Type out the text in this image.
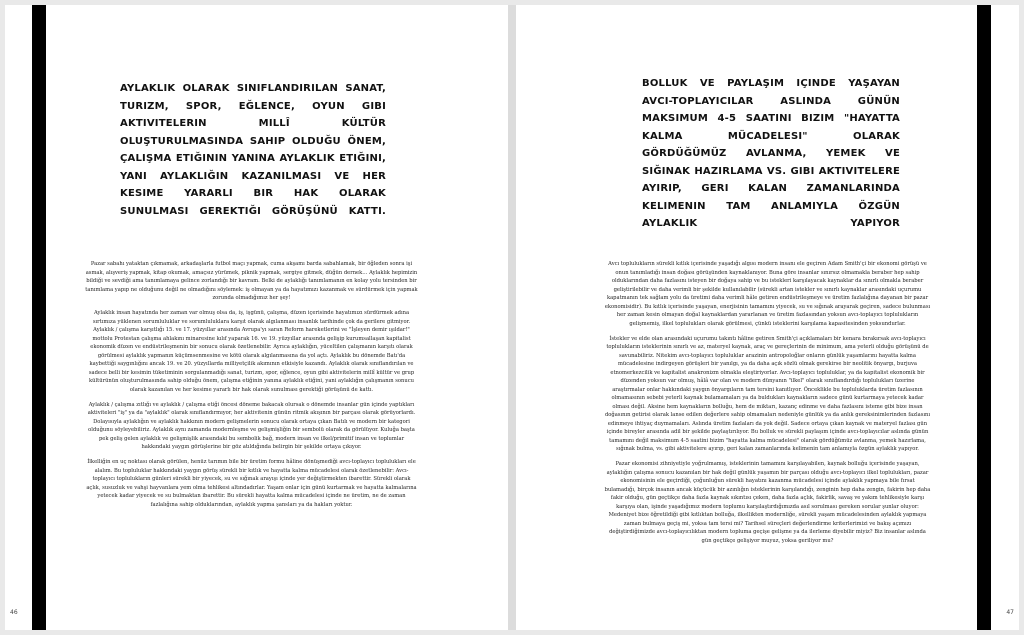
AYLAKLIK OLARAK SINIFLANDIRILAN SANAT, TURIZM, SPOR, EĞLENCE, OYUN GIBI AKTIVITELERIN MILLÎ KÜLTÜR OLUŞTURULMASINDA SAHIP OLDUĞU ÖNEM, ÇALIŞMA ETIĞININ YANINA AYLAKLIK ETIĞINI, YANI AYLAKLIĞIN KAZANILMASI VE HER KESIME YARARLI BIR HAK OLARAK SUNULMASI GEREKTIĞI GÖRÜŞÜNÜ KATTI.

Pazar sabahı yataktan çıkmamak, arkadaşlarla futbol maçı yapmak, cuma akşamı barda sabahlamak, bir öğleden sonra işi asmak, alışveriş yapmak, kitap okumak, amaçsız yürümek, piknik yapmak, sergiye gitmek, düğün dernek… Aylaklık hepimizin bildiği ve sevdiği ama tanımlamaya gelince zorlandığı bir kavram. Belki de aylaklığı tanımlamanın en kolay yolu tersinden bir tanımlama yapıp ne olduğunu değil ne olmadığını söylemek: iş olmayan ya da hayatımızı kazanmak ve sürdürmek için yapmak zorunda olmadığımız her şey!

Aylaklık insan hayatında her zaman var olmuş olsa da, iş, işgünü, çalışma, düzen içerisinde hayatımızı sürdürmek adına sırtımıza yüklenen sorumluluklar ve sorumluluklara karşıt olarak algılanması insanlık tarihinde çok da gerilere gitmiyor. Aylaklık / çalışma karşıtlığı 15. ve 17. yüzyıllar arasında Avrupa'yı saran Reform hareketlerini ve "İşleyen demir ışıldar!" mottolu Protestan çalışma ahlakını minaresine kılıf yaparak 16. ve 19. yüzyıllar arasında gelişip kurumsallaşan kapitalist ekonomik düzen ve endüstrileşmenin bir sonucu olarak özetlenebilir. Ayrıca aylaklığın, yüceltilen çalışmanın karşıtı olarak görülmesi aylaklık yapmanın küçümsenmesine ve kötü olarak algılanmasına da yol açtı. Aylaklık bu dönemde Batı'da kaybettiği saygınlığını ancak 19. ve 20. yüzyıllarda milliyetçilik akımının etkisiyle kazandı. Aylaklık olarak sınıflandırılan ve sadece belli bir kesimin tüketiminin sorgulanmadığı sanat, turizm, spor, eğlence, oyun gibi aktivitelerin millî kültür ve grup kültürünün oluşturulmasında sahip olduğu önem, çalışma etiğinin yanına aylaklık etiğini, yani aylaklığın çalışmanın sonucu olarak kazanılan ve her kesime yararlı bir hak olarak sunulması gerektiği görüşünü de kattı.

Aylaklık / çalışma zıtlığı ve aylaklık / çalışma etiği öncesi döneme bakacak olursak o dönemde insanlar gün içinde yaptıkları aktiviteleri "iş" ya da "aylaklık" olarak sınıflandırmıyor, her aktivitenin günün ritmik akışının bir parçası olarak görüyorlardı. Dolayısıyla aylaklığın ve aylaklık hakkının modern gelişmelerin sonucu olarak ortaya çıkan Batılı ve modern bir kategori olduğunu söyleyebiliriz. Aylaklık aynı zamanda modernleşme ve gelişmişliğin bir sembolü olarak da görülüyor. Kuluğa başta pek geliş gelen aylaklık ve gelişmişlik arasındaki bu sembolik bağ, modern insan ve ilkel/primitif insan ve toplumlar hakkındaki yaygın görüşlerine bir göz atıldığında belirgin bir şekilde ortaya çıkıyor.

İlkelliğin en uç noktası olarak görülen, henüz tarımın bile bir üretim formu hâline dönüşmediği avcı-toplayıcı toplulukları ele alalım. Bu topluluklar hakkındaki yaygın görüş sürekli bir kıtlık ve hayatta kalma mücadelesi olarak özetlenebilir: Avcı-toplayıcı toplulukların günleri sürekli bir yiyecek, su ve sığınak arayışı içinde yer değiştirmekten ibarettir. Sürekli olarak açlık, susuzluk ve vahşi hayvanlara yem olma tehlikesi altındadırlar. Yaşam onlar için günü kurtarmak ve hayatta kalmalarına yetecek kadar yiyecek ve su bulmaktan ibarettir. Bu sürekli hayatta kalma mücadelesi içinde ne üretim, ne de zaman fazlalığına sahip olduklarından, aylaklık yapma şansları ya da hakları yoktur.

46
BOLLUK VE PAYLAŞIM IÇINDE YAŞAYAN AVCI-TOPLAYICILAR ASLINDA GÜNÜN MAKSIMUM 4-5 SAATINI BIZIM "HAYATTA KALMA MÜCADELESI" OLARAK GÖRDÜĞÜMÜZ AVLANMA, YEMEK VE SIĞINAK HAZIRLAMA VS. GIBI AKTIVITELERE AYIRIP, GERI KALAN ZAMANLARINDA KELIMENIN TAM ANLAMIYLA ÖZGÜN AYLAKLIK YAPIYOR

Avcı toplulukların sürekli kıtlık içerisinde yaşadığı algısı modern insanı ele geçiren Adam Smith'çi bir ekonomi görüşü ve onun tanımladığı insan doğası görüşünden kaynaklanıyor. Buna göre insanlar sınırsız olmamakla beraber hep sahip olduklarından daha fazlasını isteyen bir doğaya sahip ve bu istekleri karşılayacak kaynaklar da sınırlı olmakla beraber geliştirilebilir ve daha verimli bir şekilde kullanılabilir (sürekli artan istekler ve sınırlı kaynaklar arasındaki uçurumu kapatmanın tek sağlam yolu da üretimi daha verimli hâle getiren endüstrileşmeye ve üretim fazlalığına dayanan bir pazar ekonomisidir). Bu kıtlık içerisinde yaşayan, enerjisinin tamamını yiyecek, su ve sığınak arayarak geçiren, sadece bulunması her zaman kesin olmayan doğal kaynaklardan yararlanan ve üretim fazlasından yoksun avcı-toplayıcı toplulukların gelişmemiş, ilkel toplulukları olarak görülmesi, çünkü isteklerini karşılama kapasitesinden yoksundurlar.

İstekler ve elde olan arasındaki uçurumu takıntı hâline getiren Smith'çi açıklamaları bir kenara bırakırsak avcı-toplayıcı toplulukların isteklerinin sınırlı ve az, materyel kaynak, araç ve gereçlerinin de minimum, ama yeterli olduğu görüşünü de savunabiliriz. Nitekim avcı-toplayıcı topluluklar arazinin antropoloğlar onların günlük yaşamlarını hayatta kalma mücadelesine indirgeyen görüşleri bir yanılgı, ya da daha açık sözlü olmak gerekirse bir neolitik önyargı, burjuva etnomerkezcilik ve kapitalist anakronizm olmakla eleştiriyorlar. Avcı-toplayıcı topluluklar, ya da kapitalist ekonomik bir düzenden yoksun var olmuş, hâlâ var olan ve modern dünyanın "ilkel" olarak sınıflandırdığı toplulukları üzerine araştırmalar onlar hakkındaki yaygın önyargıların tam tersini kanıtlıyor. Önceklikle bu topluluklarda üretim fazlasının olmamasının sebebi yeterli kaynak bulamamaları ya da buldukları kaynakların sadece günü kurtarmaya yetecek kadar olması değil. Aksine hem kaynakların bolluğu, hem de miktarı, kazanç edinme ve daha fazlasını isteme gibi bize insan doğasının getirisi olarak lanse edilen değerlere sahip olmamaları nedeniyle günlük ya da anlık gereksinimlerinden fazlasını edinmeye ihtiyaç duymamaları. Aslında üretim fazlaları da yok değil. Sadece ortaya çıkan kaynak ve materyel fazlası gün içinde bireyler arasında adil bir şekilde paylaştırılıyor. Bu bolluk ve sürekli paylaşım içinde avcı-toplayıcılar aslında günün tamamını değil maksimum 4-5 saatini bizim "hayatta kalma mücadelesi" olarak gördüğümüz avlanma, yemek hazırlama, sığınak bulma, vs. gibi aktivitelere ayırıp, geri kalan zamanlarında kelimenin tam anlamıyla özgün aylaklık yapıyor.

Pazar ekonomisi zihniyetiyle yoğrulmamış, isteklerinin tamamını karşılayabilen, kaynak bolluğu içerisinde yaşayan, aylaklığın çalışma sonucu kazanılan bir hak değil günlük yaşamın bir parçası olduğu avcı-toplayıcı ilkel toplulukları, pazar ekonomisinin ele geçirdiği, çoğunluğun sürekli hayatını kazanma mücadelesi içinde aylaklık yapmaya bile fırsat bulamadığı, birçok insanın ancak küçücük bir azınlığın isteklerinin karşılandığı, zenginin hep daha zengin, fakirin hep daha fakir olduğu, gün geçtikçe daha fazla kaynak sıkıntısı çeken, daha fazla açlık, fakirlik, savaş ve yakım tehlikesiyle karşı karşıya olan, işinde yaşadığımız modern toplumu karşılaştırdığımızda asıl sorulması gereken sorular şunlar oluyor: Medeniyet bize öğretildiği gibi kıtlıktan bolluğa, ilkellikten modernliğe, sürekli yaşam mücadelesinden aylaklık yapmaya zaman bulmaya geçiş mi, yoksa tam tersi mi? Tarihsel süreçleri değerlendirme kriterlerimizi ve bakış açımızı değiştirdiğimizde avcı-toplayıcılıktan modern topluma geçişe gelişme ya da ilerleme diyebilir miyiz? Biz insanlar aslında gün geçtikçe gelişiyor muyuz, yoksa geriliyor mu?

47
